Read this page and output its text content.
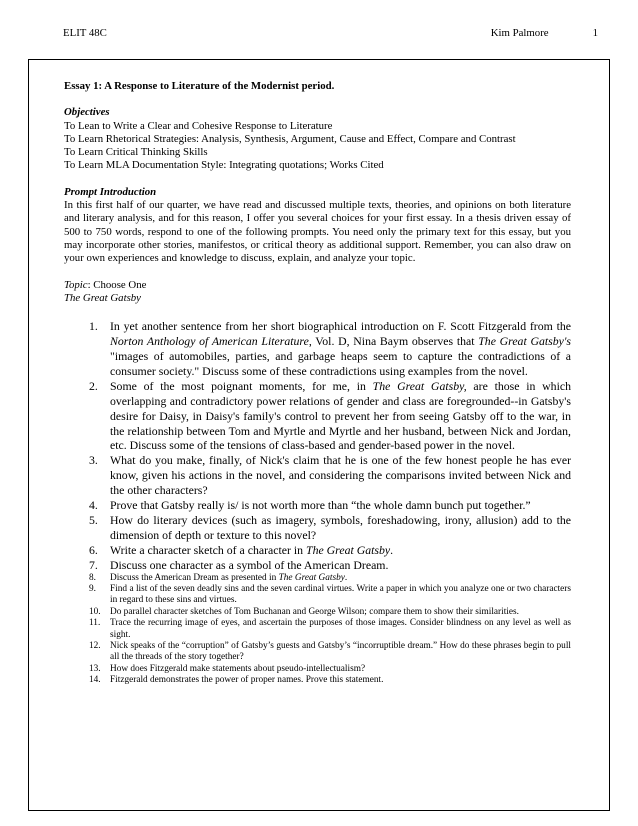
ELIT 48C	Kim Palmore	1

Essay 1: A Response to Literature of the Modernist period.

Objectives

To Lean to Write a Clear and Cohesive Response to Literature

To Learn Rhetorical Strategies: Analysis, Synthesis, Argument, Cause and Effect, Compare and Contrast

To Learn Critical Thinking Skills

To Learn MLA Documentation Style: Integrating quotations; Works Cited

Prompt Introduction

In this first half of our quarter, we have read and discussed multiple texts, theories, and opinions on both literature and literary analysis, and for this reason, I offer you several choices for your first essay. In a thesis driven essay of 500 to 750 words, respond to one of the following prompts. You need only the primary text for this essay, but you may incorporate other stories, manifestos, or critical theory as additional support. Remember, you can also draw on your own experiences and knowledge to discuss, explain, and analyze your topic.

Topic: Choose One

The Great Gatsby

1.	In yet another sentence from her short biographical introduction on F. Scott Fitzgerald from the Norton Anthology of American Literature, Vol. D, Nina Baym observes that The Great Gatsby's "images of automobiles, parties, and garbage heaps seem to capture the contradictions of a consumer society." Discuss some of these contradictions using examples from the novel.
2.	Some of the most poignant moments, for me, in The Great Gatsby, are those in which overlapping and contradictory power relations of gender and class are foregrounded--in Gatsby's desire for Daisy, in Daisy's family's control to prevent her from seeing Gatsby off to the war, in the relationship between Tom and Myrtle and Myrtle and her husband, between Nick and Jordan, etc. Discuss some of the tensions of class-based and gender-based power in the novel.
3.	What do you make, finally, of Nick's claim that he is one of the few honest people he has ever know, given his actions in the novel, and considering the comparisons invited between Nick and the other characters?
4.	Prove that Gatsby really is/ is not worth more than “the whole damn bunch put together.”
5.	How do literary devices (such as imagery, symbols, foreshadowing, irony, allusion) add to the dimension of depth or texture to this novel?
6.	Write a character sketch of a character in The Great Gatsby.
7.	Discuss one character as a symbol of the American Dream.
8.	Discuss the American Dream as presented in The Great Gatsby.
9.	Find a list of the seven deadly sins and the seven cardinal virtues. Write a paper in which you analyze one or two characters in regard to these sins and virtues.
10.	Do parallel character sketches of Tom Buchanan and George Wilson; compare them to show their similarities.
11.	Trace the recurring image of eyes, and ascertain the purposes of those images. Consider blindness on any level as well as sight.
12.	Nick speaks of the “corruption” of Gatsby’s guests and Gatsby’s “incorruptible dream.” How do these phrases begin to pull all the threads of the story together?
13.	How does Fitzgerald make statements about pseudo-intellectualism?
14.	Fitzgerald demonstrates the power of proper names. Prove this statement.
